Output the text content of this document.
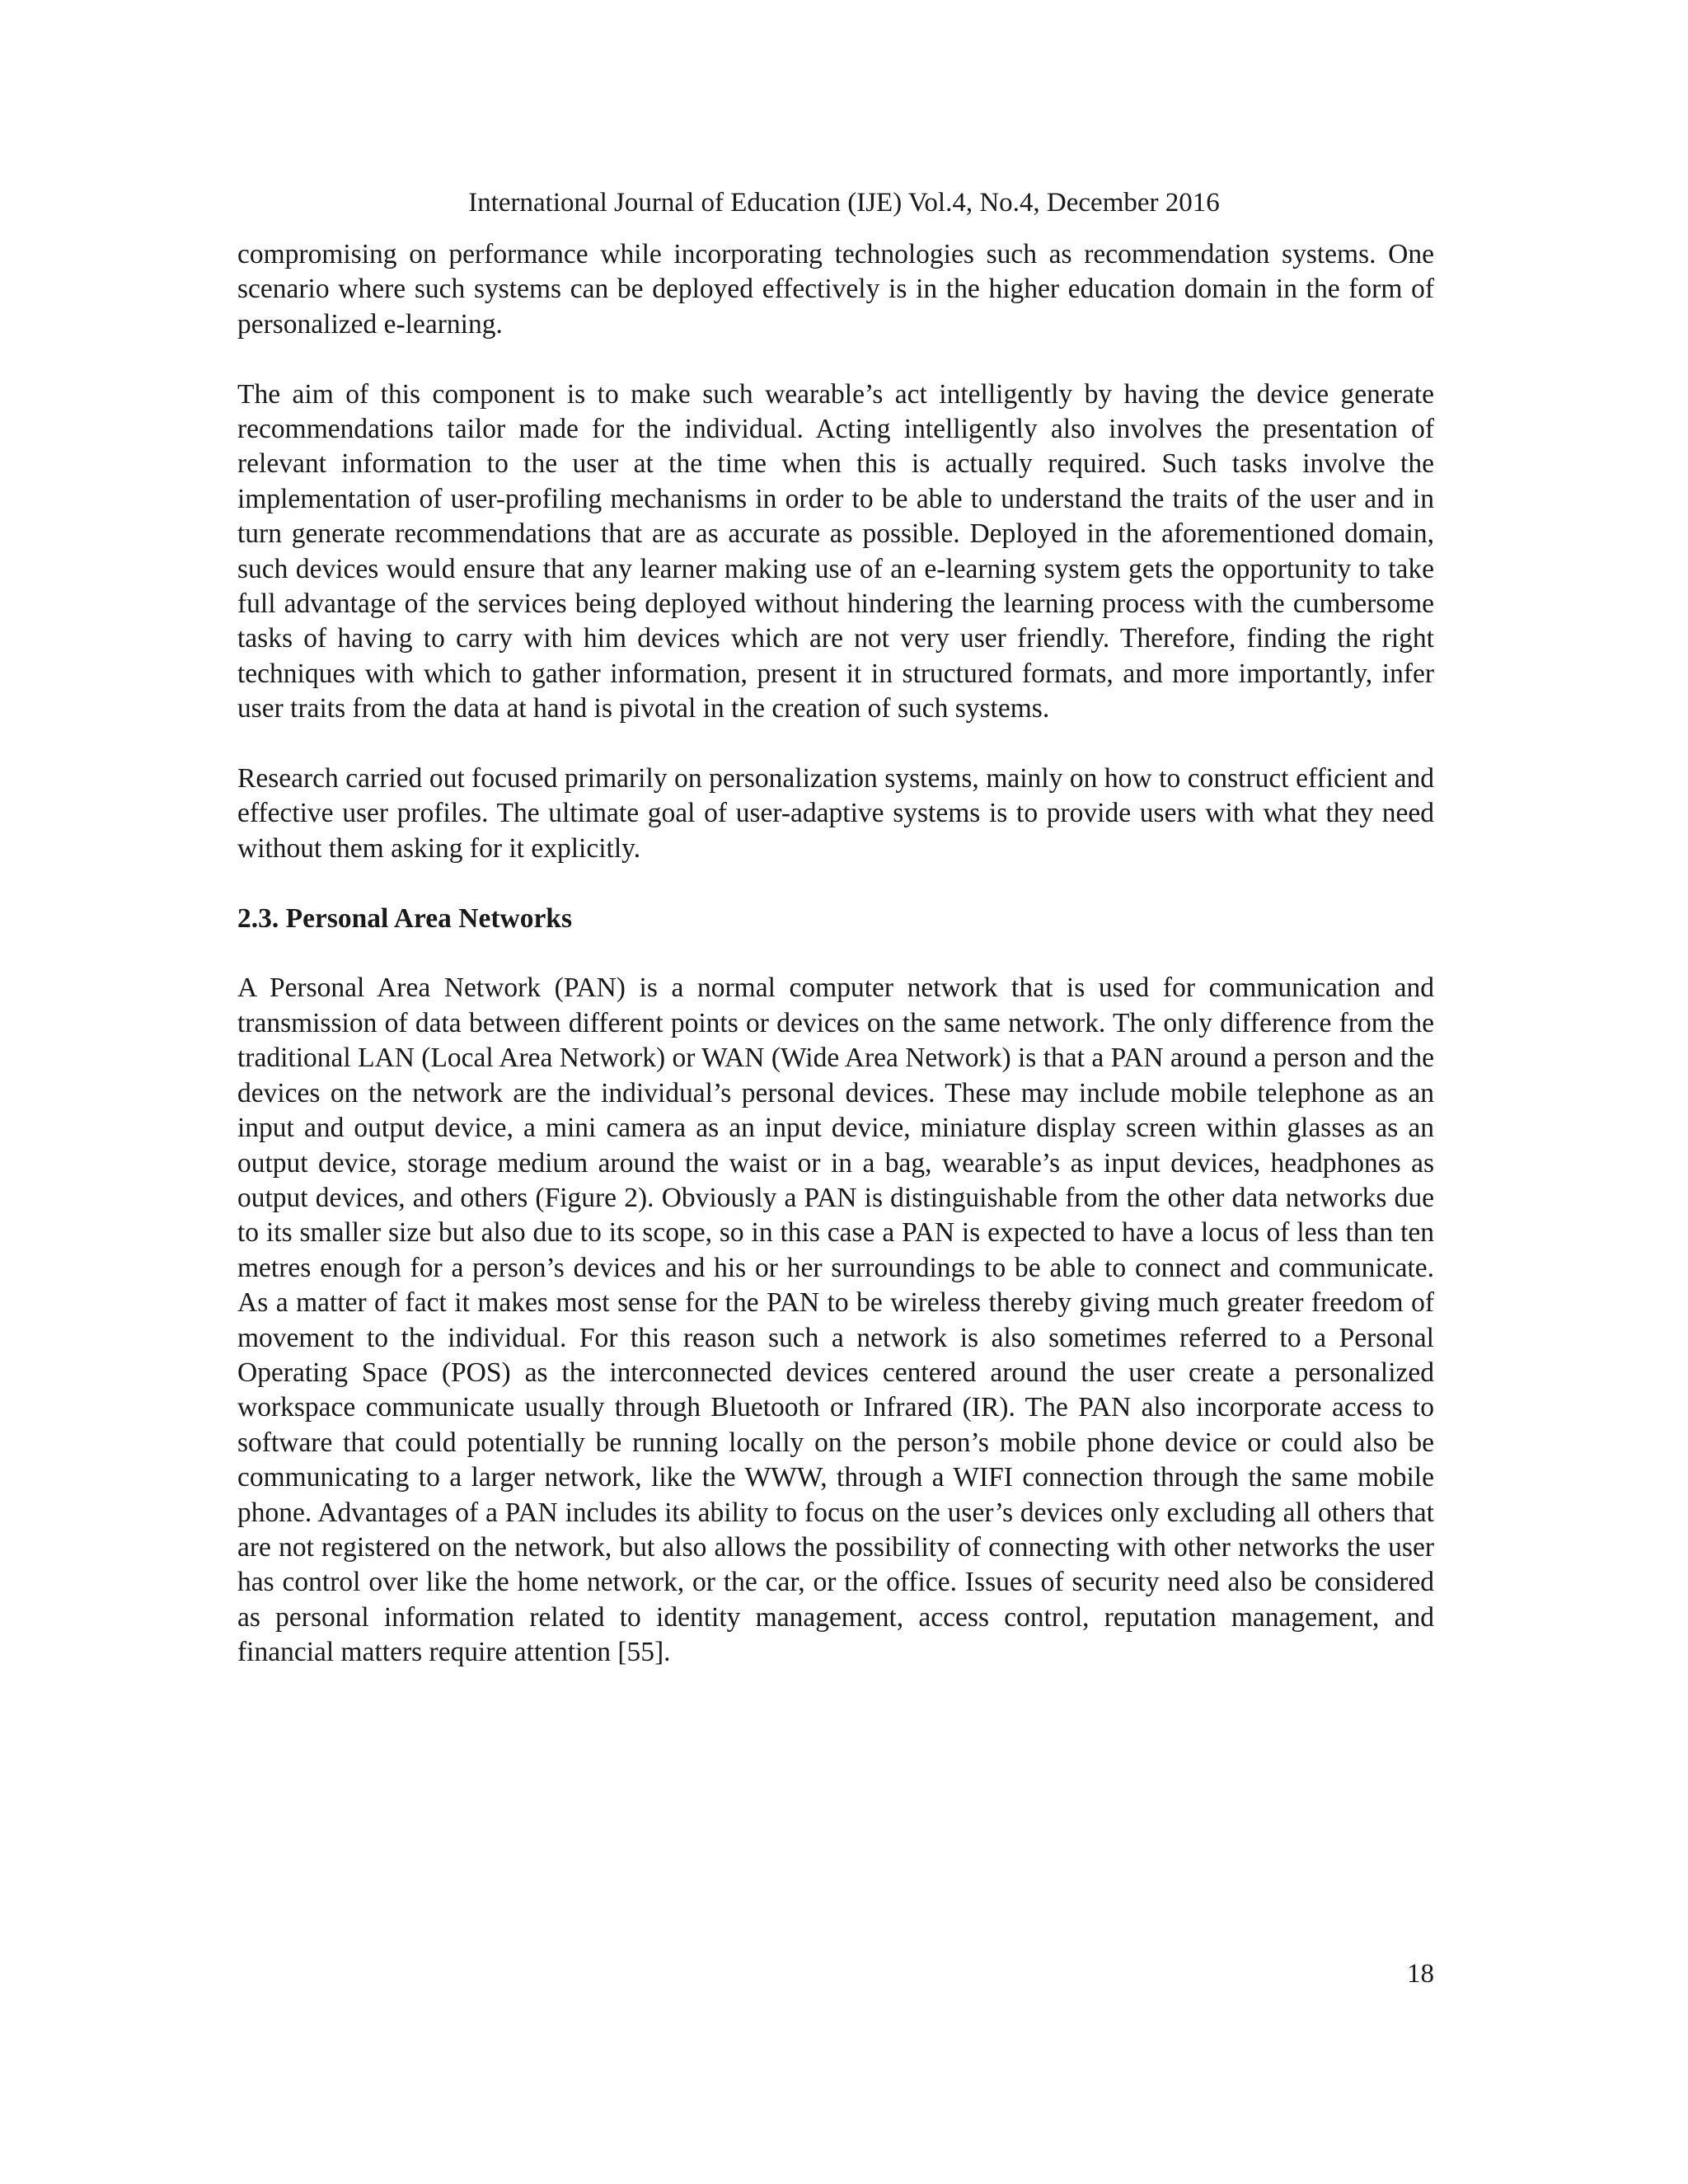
International Journal of Education (IJE) Vol.4, No.4, December 2016

compromising on performance while incorporating technologies such as recommendation systems. One scenario where such systems can be deployed effectively is in the higher education domain in the form of personalized e-learning.

The aim of this component is to make such wearable’s act intelligently by having the device generate recommendations tailor made for the individual. Acting intelligently also involves the presentation of relevant information to the user at the time when this is actually required. Such tasks involve the implementation of user-profiling mechanisms in order to be able to understand the traits of the user and in turn generate recommendations that are as accurate as possible. Deployed in the aforementioned domain, such devices would ensure that any learner making use of an e-learning system gets the opportunity to take full advantage of the services being deployed without hindering the learning process with the cumbersome tasks of having to carry with him devices which are not very user friendly. Therefore, finding the right techniques with which to gather information, present it in structured formats, and more importantly, infer user traits from the data at hand is pivotal in the creation of such systems.

Research carried out focused primarily on personalization systems, mainly on how to construct efficient and effective user profiles. The ultimate goal of user-adaptive systems is to provide users with what they need without them asking for it explicitly.

2.3. Personal Area Networks

A Personal Area Network (PAN) is a normal computer network that is used for communication and transmission of data between different points or devices on the same network. The only difference from the traditional LAN (Local Area Network) or WAN (Wide Area Network) is that a PAN around a person and the devices on the network are the individual’s personal devices. These may include mobile telephone as an input and output device, a mini camera as an input device, miniature display screen within glasses as an output device, storage medium around the waist or in a bag, wearable’s as input devices, headphones as output devices, and others (Figure 2). Obviously a PAN is distinguishable from the other data networks due to its smaller size but also due to its scope, so in this case a PAN is expected to have a locus of less than ten metres enough for a person’s devices and his or her surroundings to be able to connect and communicate. As a matter of fact it makes most sense for the PAN to be wireless thereby giving much greater freedom of movement to the individual. For this reason such a network is also sometimes referred to a Personal Operating Space (POS) as the interconnected devices centered around the user create a personalized workspace communicate usually through Bluetooth or Infrared (IR). The PAN also incorporate access to software that could potentially be running locally on the person’s mobile phone device or could also be communicating to a larger network, like the WWW, through a WIFI connection through the same mobile phone. Advantages of a PAN includes its ability to focus on the user’s devices only excluding all others that are not registered on the network, but also allows the possibility of connecting with other networks the user has control over like the home network, or the car, or the office. Issues of security need also be considered as personal information related to identity management, access control, reputation management, and financial matters require attention [55].

18
